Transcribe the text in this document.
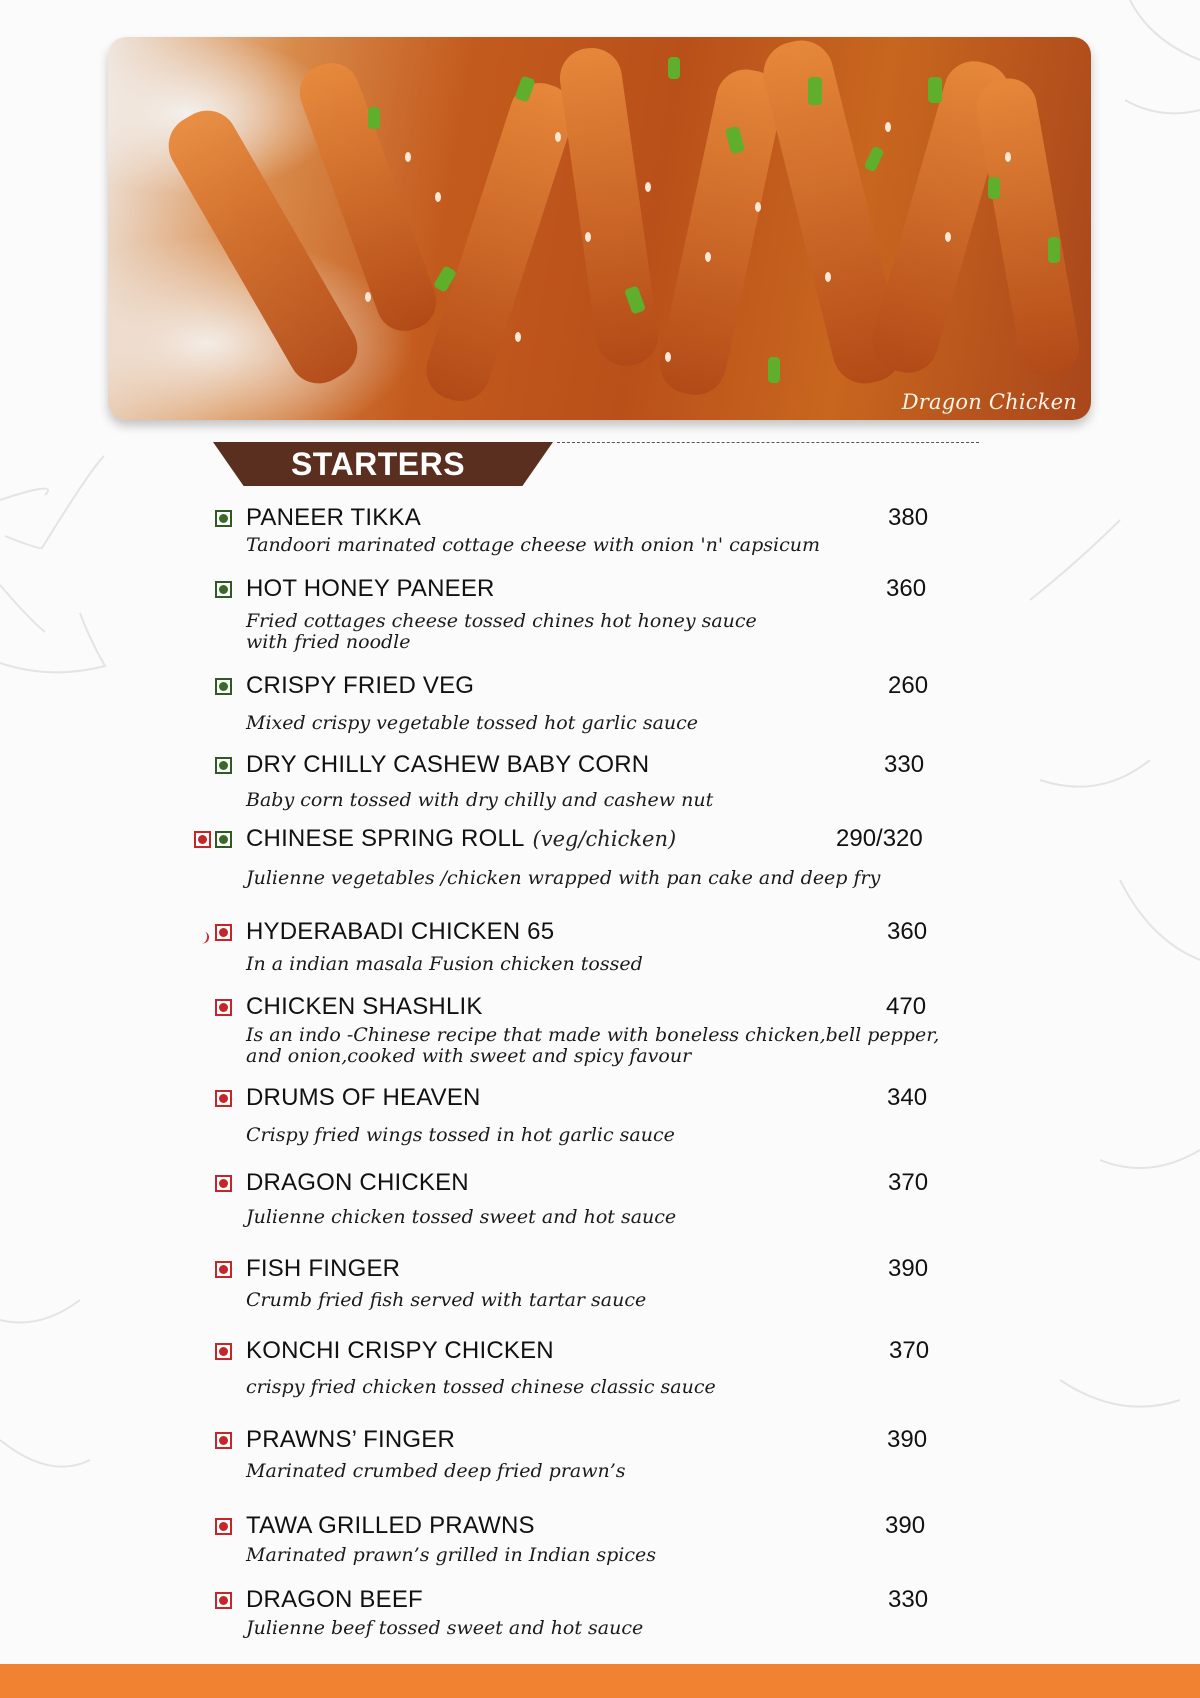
Dragon Chicken
STARTERS
PANEER TIKKA	380
Tandoori marinated cottage cheese with onion 'n' capsicum
HOT HONEY PANEER	360
Fried cottages cheese tossed chines hot honey sauce
with fried noodle
CRISPY FRIED VEG	260
Mixed crispy vegetable tossed hot garlic sauce
DRY CHILLY CASHEW BABY CORN	330
Baby corn tossed with dry chilly and cashew nut
CHINESE SPRING ROLL (veg/chicken)	290/320
Julienne vegetables /chicken wrapped with pan cake and deep fry
HYDERABADI CHICKEN 65	360
In a indian masala Fusion chicken tossed
CHICKEN SHASHLIK	470
Is an indo -Chinese recipe that made with boneless chicken,bell pepper,
and onion,cooked with sweet and spicy favour
DRUMS OF HEAVEN	340
Crispy fried wings tossed in hot garlic sauce
DRAGON CHICKEN	370
Julienne chicken tossed sweet and hot sauce
FISH FINGER	390
Crumb fried fish served with tartar sauce
KONCHI CRISPY CHICKEN	370
crispy fried chicken tossed chinese classic sauce
PRAWNS’ FINGER	390
Marinated crumbed deep fried prawn’s
TAWA GRILLED PRAWNS	390
Marinated prawn’s grilled in Indian spices
DRAGON BEEF	330
Julienne beef tossed sweet and hot sauce
